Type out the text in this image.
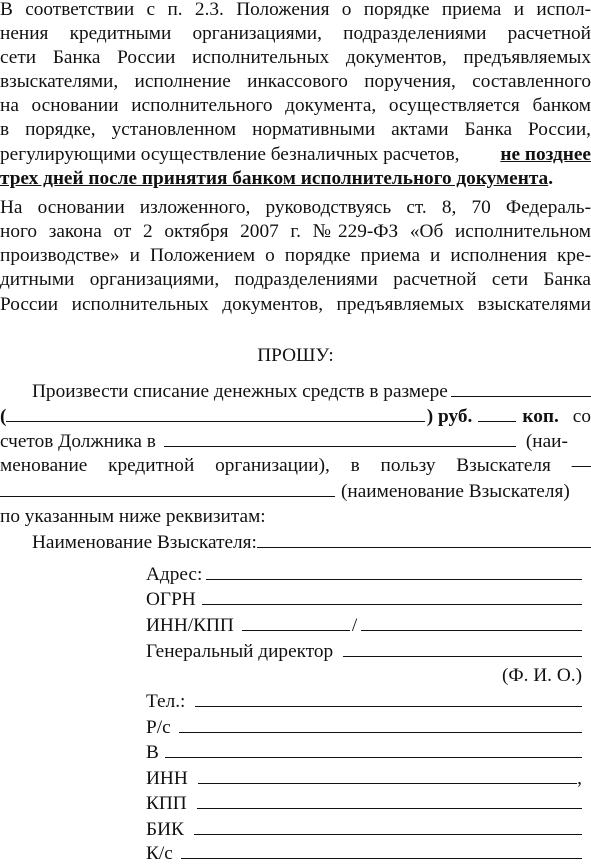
В соответствии с п. 2.3. Положения о порядке приема и испол-
нения кредитными организациями, подразделениями расчетной
сети Банка России исполнительных документов, предъявляемых
взыскателями, исполнение инкассового поручения, составленного
на основании исполнительного документа, осуществляется банком
в порядке, установленном нормативными актами Банка России,
регулирующими осуществление безналичных расчетов, не позднее
трех дней после принятия банком исполнительного документа.
На основании изложенного, руководствуясь ст. 8, 70 Федераль-
ного закона от 2 октября 2007 г. №229-ФЗ «Об исполнительном
производстве» и Положением о порядке приема и исполнения кре-
дитными организациями, подразделениями расчетной сети Банка
России исполнительных документов, предъявляемых взыскателями
ПРОШУ:
Произвести списание денежных средств в размере
(	) руб.	коп. со
счетов Должника в	(наи-
менование кредитной организации), в пользу Взыскателя —
(наименование Взыскателя)
по указанным ниже реквизитам:
Наименование Взыскателя:
Адрес:
ОГРН
ИНН/КПП	/
Генеральный директор
(Ф. И. О.)
Тел.:
Р/с
В
ИНН	,
КПП
БИК
К/с
